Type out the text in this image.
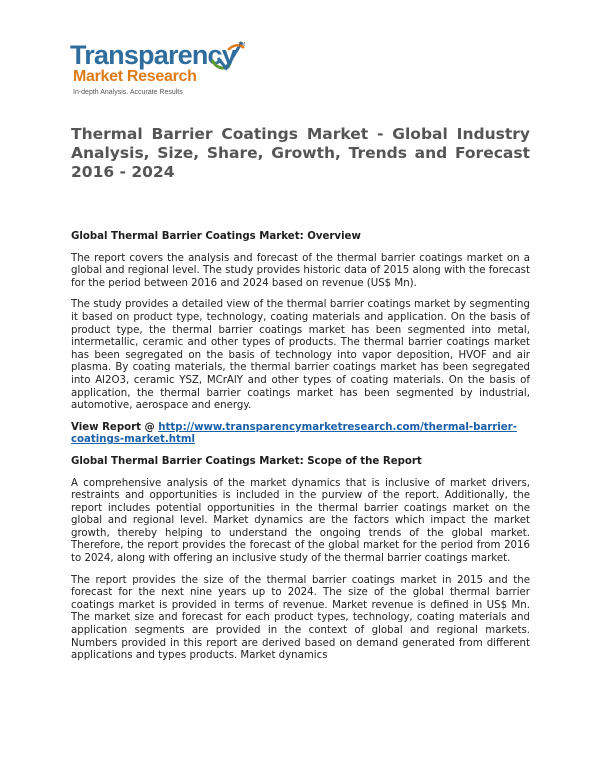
Transparency
Market Research
In-depth Analysis. Accurate Results
TM
Thermal Barrier Coatings Market - Global Industry Analysis, Size, Share, Growth, Trends and Forecast 2016 - 2024
Global Thermal Barrier Coatings Market: Overview

The report covers the analysis and forecast of the thermal barrier coatings market on a global and regional level. The study provides historic data of 2015 along with the forecast for the period between 2016 and 2024 based on revenue (US$ Mn).

The study provides a detailed view of the thermal barrier coatings market by segmenting it based on product type, technology, coating materials and application. On the basis of product type, the thermal barrier coatings market has been segmented into metal, intermetallic, ceramic and other types of products. The thermal barrier coatings market has been segregated on the basis of technology into vapor deposition, HVOF and air plasma. By coating materials, the thermal barrier coatings market has been segregated into Al2O3, ceramic YSZ, MCrAlY and other types of coating materials. On the basis of application, the thermal barrier coatings market has been segmented by industrial, automotive, aerospace and energy.

View Report @ http://www.transparencymarketresearch.com/thermal-barrier-coatings-market.html
Global Thermal Barrier Coatings Market: Scope of the Report

A comprehensive analysis of the market dynamics that is inclusive of market drivers, restraints and opportunities is included in the purview of the report. Additionally, the report includes potential opportunities in the thermal barrier coatings market on the global and regional level. Market dynamics are the factors which impact the market growth, thereby helping to understand the ongoing trends of the global market. Therefore, the report provides the forecast of the global market for the period from 2016 to 2024, along with offering an inclusive study of the thermal barrier coatings market.

The report provides the size of the thermal barrier coatings market in 2015 and the forecast for the next nine years up to 2024. The size of the global thermal barrier coatings market is provided in terms of revenue. Market revenue is defined in US$ Mn. The market size and forecast for each product types, technology, coating materials and application segments are provided in the context of global and regional markets. Numbers provided in this report are derived based on demand generated from different applications and types products. Market dynamics
